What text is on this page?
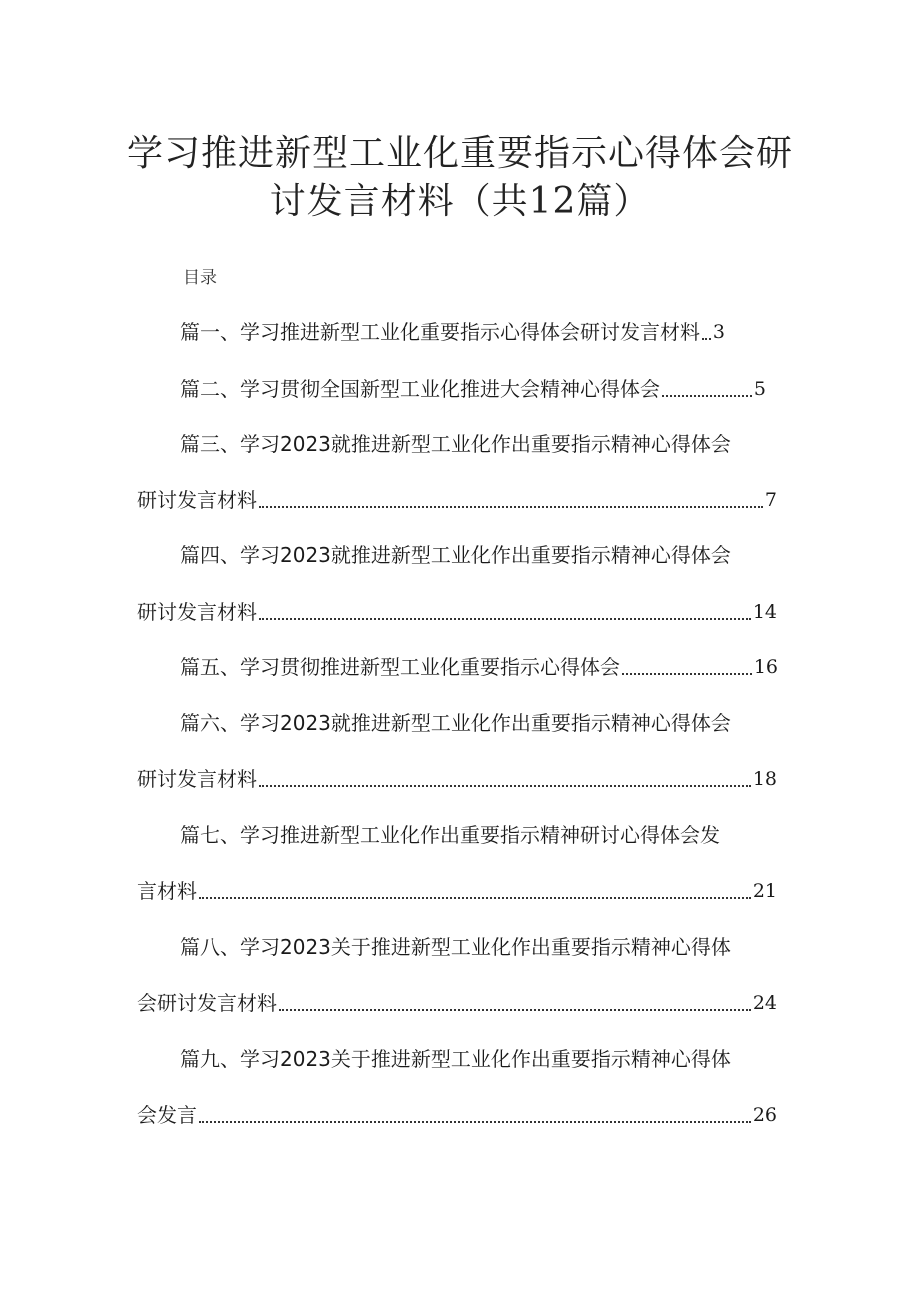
学习推进新型工业化重要指示心得体会研
讨发言材料（共12篇）
目录
篇一、学习推进新型工业化重要指示心得体会研讨发言材料 3
篇二、学习贯彻全国新型工业化推进大会精神心得体会	5
篇三、学习2023就推进新型工业化作出重要指示精神心得体会
研讨发言材料	7
篇四、学习2023就推进新型工业化作出重要指示精神心得体会
研讨发言材料	14
篇五、学习贯彻推进新型工业化重要指示心得体会	16
篇六、学习2023就推进新型工业化作出重要指示精神心得体会
研讨发言材料	18
篇七、学习推进新型工业化作出重要指示精神研讨心得体会发
言材料	21
篇八、学习2023关于推进新型工业化作出重要指示精神心得体
会研讨发言材料	24
篇九、学习2023关于推进新型工业化作出重要指示精神心得体
会发言	26
